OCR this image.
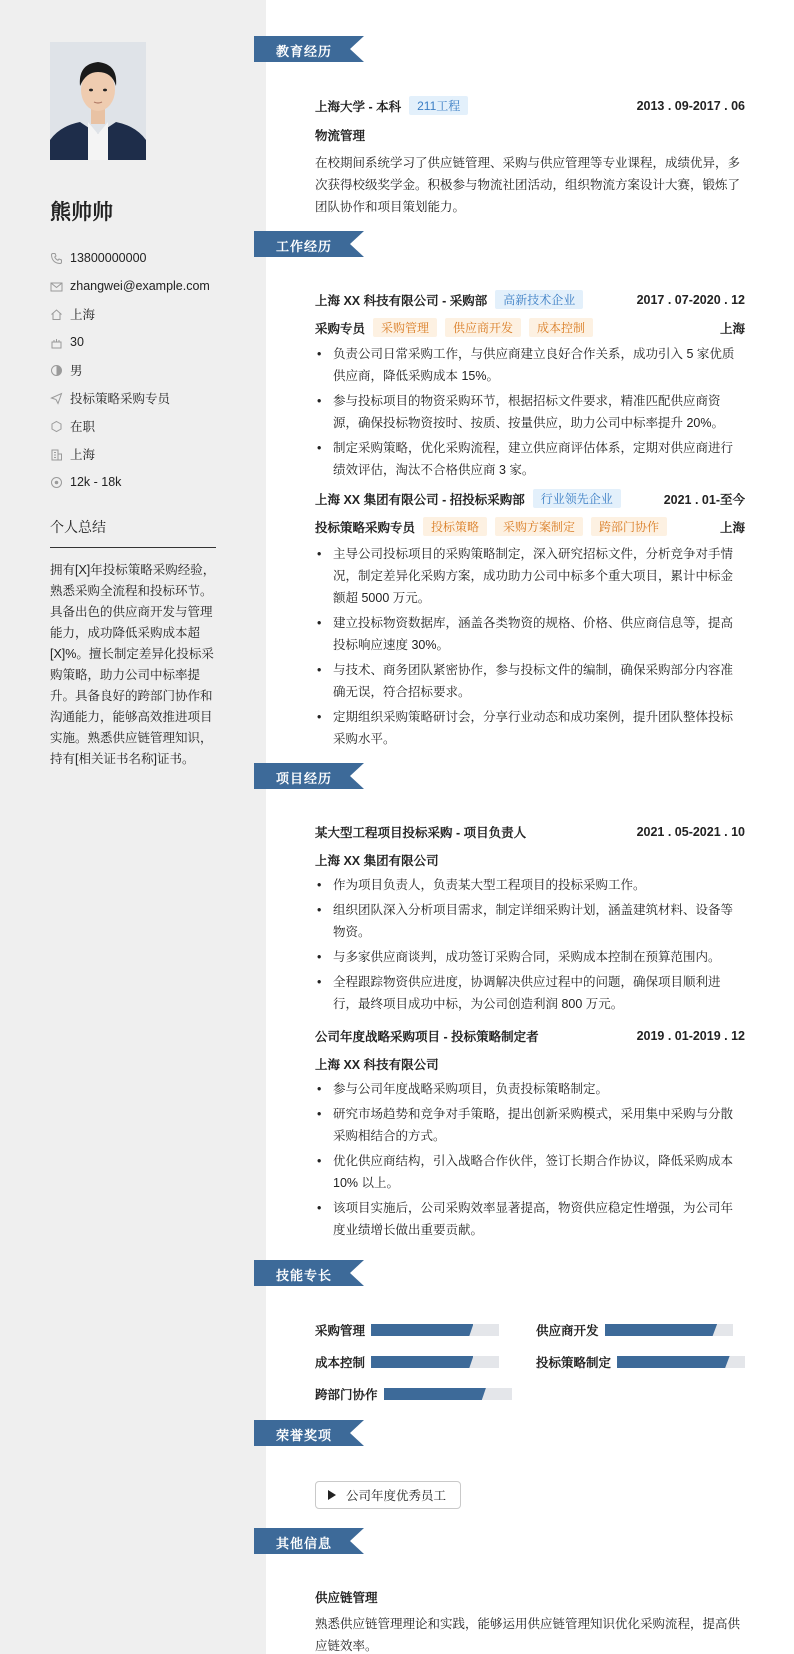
熊帅帅
13800000000
zhangwei@example.com
上海
30
男
投标策略采购专员
在职
上海
12k - 18k
个人总结
拥有[X]年投标策略采购经验，熟悉采购全流程和投标环节。具备出色的供应商开发与管理能力，成功降低采购成本超[X]%。擅长制定差异化投标采购策略，助力公司中标率提升。具备良好的跨部门协作和沟通能力，能够高效推进项目实施。熟悉供应链管理知识，持有[相关证书名称]证书。
教育经历
工作经历
项目经历
技能专长
荣誉奖项
其他信息
上海大学 - 本科	211工程	2013 . 09-2017 . 06
物流管理
在校期间系统学习了供应链管理、采购与供应管理等专业课程，成绩优异，多次获得校级奖学金。积极参与物流社团活动，组织物流方案设计大赛，锻炼了团队协作和项目策划能力。
上海 XX 科技有限公司 - 采购部	高新技术企业	2017 . 07-2020 . 12
采购专员	采购管理	供应商开发	成本控制	上海
• 负责公司日常采购工作，与供应商建立良好合作关系，成功引入 5 家优质供应商，降低采购成本 15%。
• 参与投标项目的物资采购环节，根据招标文件要求，精准匹配供应商资源，确保投标物资按时、按质、按量供应，助力公司中标率提升 20%。
• 制定采购策略，优化采购流程，建立供应商评估体系，定期对供应商进行绩效评估，淘汰不合格供应商 3 家。
上海 XX 集团有限公司 - 招投标采购部	行业领先企业	2021 . 01-至今
投标策略采购专员	投标策略	采购方案制定	跨部门协作	上海
• 主导公司投标项目的采购策略制定，深入研究招标文件，分析竞争对手情况，制定差异化采购方案，成功助力公司中标多个重大项目，累计中标金额超 5000 万元。
• 建立投标物资数据库，涵盖各类物资的规格、价格、供应商信息等，提高投标响应速度 30%。
• 与技术、商务团队紧密协作，参与投标文件的编制，确保采购部分内容准确无误，符合招标要求。
• 定期组织采购策略研讨会，分享行业动态和成功案例，提升团队整体投标采购水平。
某大型工程项目投标采购 - 项目负责人	2021 . 05-2021 . 10
上海 XX 集团有限公司
• 作为项目负责人，负责某大型工程项目的投标采购工作。
• 组织团队深入分析项目需求，制定详细采购计划，涵盖建筑材料、设备等物资。
• 与多家供应商谈判，成功签订采购合同，采购成本控制在预算范围内。
• 全程跟踪物资供应进度，协调解决供应过程中的问题，确保项目顺利进行，最终项目成功中标，为公司创造利润 800 万元。
公司年度战略采购项目 - 投标策略制定者	2019 . 01-2019 . 12
上海 XX 科技有限公司
• 参与公司年度战略采购项目，负责投标策略制定。
• 研究市场趋势和竞争对手策略，提出创新采购模式，采用集中采购与分散采购相结合的方式。
• 优化供应商结构，引入战略合作伙伴，签订长期合作协议，降低采购成本 10% 以上。
• 该项目实施后，公司采购效率显著提高，物资供应稳定性增强，为公司年度业绩增长做出重要贡献。
采购管理	供应商开发
成本控制	投标策略制定
跨部门协作
公司年度优秀员工
供应链管理
熟悉供应链管理理论和实践，能够运用供应链管理知识优化采购流程，提高供应链效率。
